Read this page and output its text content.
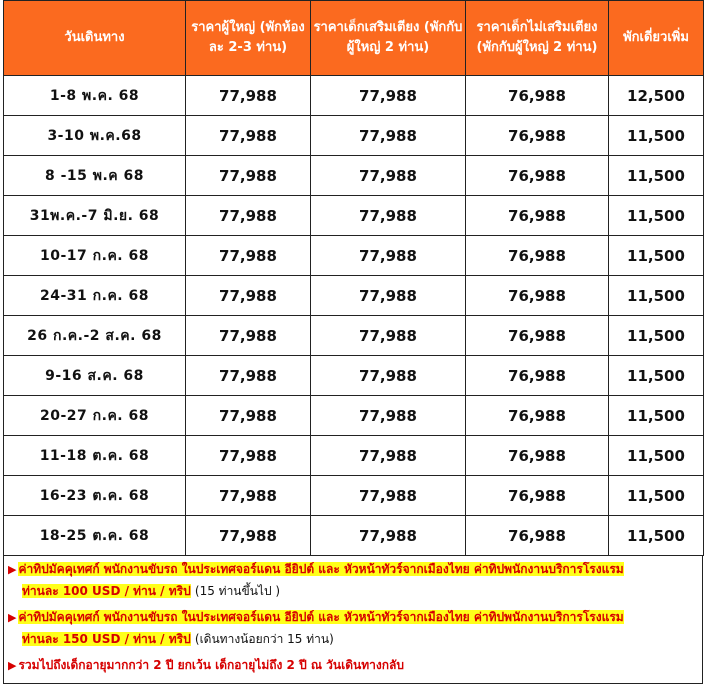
วันเดินทาง	ราคาผู้ใหญ่ (พักห้องละ 2-3 ท่าน)	ราคาเด็กเสริมเตียง (พักกับผู้ใหญ่ 2 ท่าน)	ราคาเด็กไม่เสริมเตียง (พักกับผู้ใหญ่ 2 ท่าน)	พักเดี่ยวเพิ่ม
1-8 พ.ค. 68	77,988	77,988	76,988	12,500
3-10 พ.ค.68	77,988	77,988	76,988	11,500
8 -15 พ.ค 68	77,988	77,988	76,988	11,500
31พ.ค.-7 มิ.ย. 68	77,988	77,988	76,988	11,500
10-17 ก.ค. 68	77,988	77,988	76,988	11,500
24-31 ก.ค. 68	77,988	77,988	76,988	11,500
26 ก.ค.-2 ส.ค. 68	77,988	77,988	76,988	11,500
9-16 ส.ค. 68	77,988	77,988	76,988	11,500
20-27 ก.ค. 68	77,988	77,988	76,988	11,500
11-18 ต.ค. 68	77,988	77,988	76,988	11,500
16-23 ต.ค. 68	77,988	77,988	76,988	11,500
18-25 ต.ค. 68	77,988	77,988	76,988	11,500
▶ ค่าทิปมัคคุเทศก์ พนักงานขับรถ ในประเทศจอร์แดน อียิปต์ และ หัวหน้าทัวร์จากเมืองไทย ค่าทิปพนักงานบริการโรงแรม
ท่านละ 100 USD / ท่าน / ทริป (15 ท่านขึ้นไป )
▶ ค่าทิปมัคคุเทศก์ พนักงานขับรถ ในประเทศจอร์แดน อียิปต์ และ หัวหน้าทัวร์จากเมืองไทย ค่าทิปพนักงานบริการโรงแรม
ท่านละ 150 USD / ท่าน / ทริป (เดินทางน้อยกว่า 15 ท่าน)
▶ รวมไปถึงเด็กอายุมากกว่า 2 ปี ยกเว้น เด็กอายุไม่ถึง 2 ปี ณ วันเดินทางกลับ
